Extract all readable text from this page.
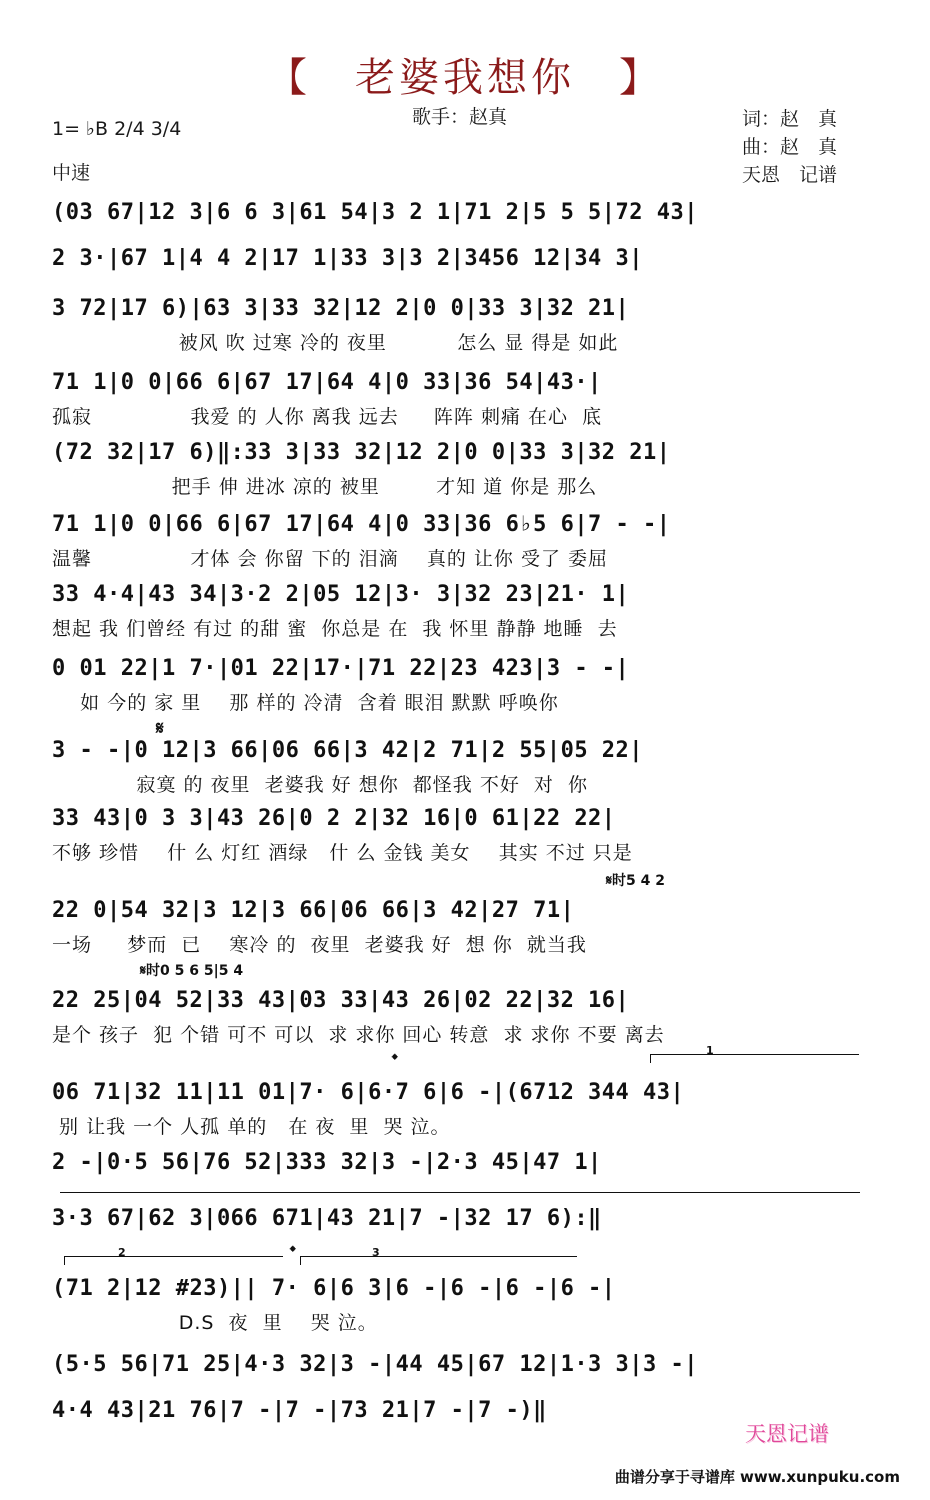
【　老婆我想你　】
歌手：赵真
1= ♭B 2/4 3/4
中速
词：赵　真
曲：赵　真
天恩　记谱
(03 67|12 3|6 6 3|61 54|3 2 1|71 2|5 5 5|72 43|
2 3·|67 1|4 4 2|17 1|33 3|3 2|3456 12|34 3|
3 72|17 6)|63 3|33 32|12 2|0 0|33 3|32 21|
被风 吹 过寒 冷的 夜里          怎么 显 得是 如此
71 1|0 0|66 6|67 17|64 4|0 33|36 54|43·|
孤寂              我爱 的 人你 离我 远去     阵阵 刺痛 在心  底
(72 32|17 6)‖:33 3|33 32|12 2|0 0|33 3|32 21|
把手 伸 进冰 凉的 被里        才知 道 你是 那么
71 1|0 0|66 6|67 17|64 4|0 33|36 6♭5 6|7 - -|
温馨              才体 会 你留 下的 泪滴    真的 让你 受了 委屈
33 4·4|43 34|3·2 2|05 12|3· 3|32 23|21· 1|
想起 我 们曾经 有过 的甜 蜜  你总是 在  我 怀里 静静 地睡  去
0 01 22|1 7·|01 22|17·|71 22|23 423|3 - -|
如 今的 家 里    那 样的 冷清  含着 眼泪 默默 呼唤你
3 - -|0 12|3 66|06 66|3 42|2 71|2 55|05 22|
寂寞 的 夜里  老婆我 好 想你  都怪我 不好  对  你
33 43|0 3 3|43 26|0 2 2|32 16|0 61|22 22|
不够 珍惜    什 么 灯红 酒绿   什 么 金钱 美女    其实 不过 只是
22 0|54 32|3 12|3 66|06 66|3 42|27 71|
一场     梦而  已    寒冷 的  夜里  老婆我 好  想 你  就当我
22 25|04 52|33 43|03 33|43 26|02 22|32 16|
是个 孩子  犯 个错 可不 可以  求 求你 回心 转意  求 求你 不要 离去
06 71|32 11|11 01|7· 6|6·7 6|6 -|(6712 344 43|
别 让我 一个 人孤 单的   在 夜  里  哭 泣。
2 -|0·5 56|76 52|333 32|3 -|2·3 45|47 1|
3·3 67|62 3|066 671|43 21|7 -|32 17 6):‖
(71 2|12 #23)|| 7· 6|6 3|6 -|6 -|6 -|6 -|
D.S  夜  里    哭 泣。
(5·5 56|71 25|4·3 32|3 -|44 45|67 12|1·3 3|3 -|
4·4 43|21 76|7 -|7 -|73 21|7 -|7 -)‖
𝄋
𝄋时5 4 2
𝄋时0 5 6 5|5 4
𝄌
𝄌
1
2	3
天恩记谱
曲谱分享于寻谱库 www.xunpuku.com
